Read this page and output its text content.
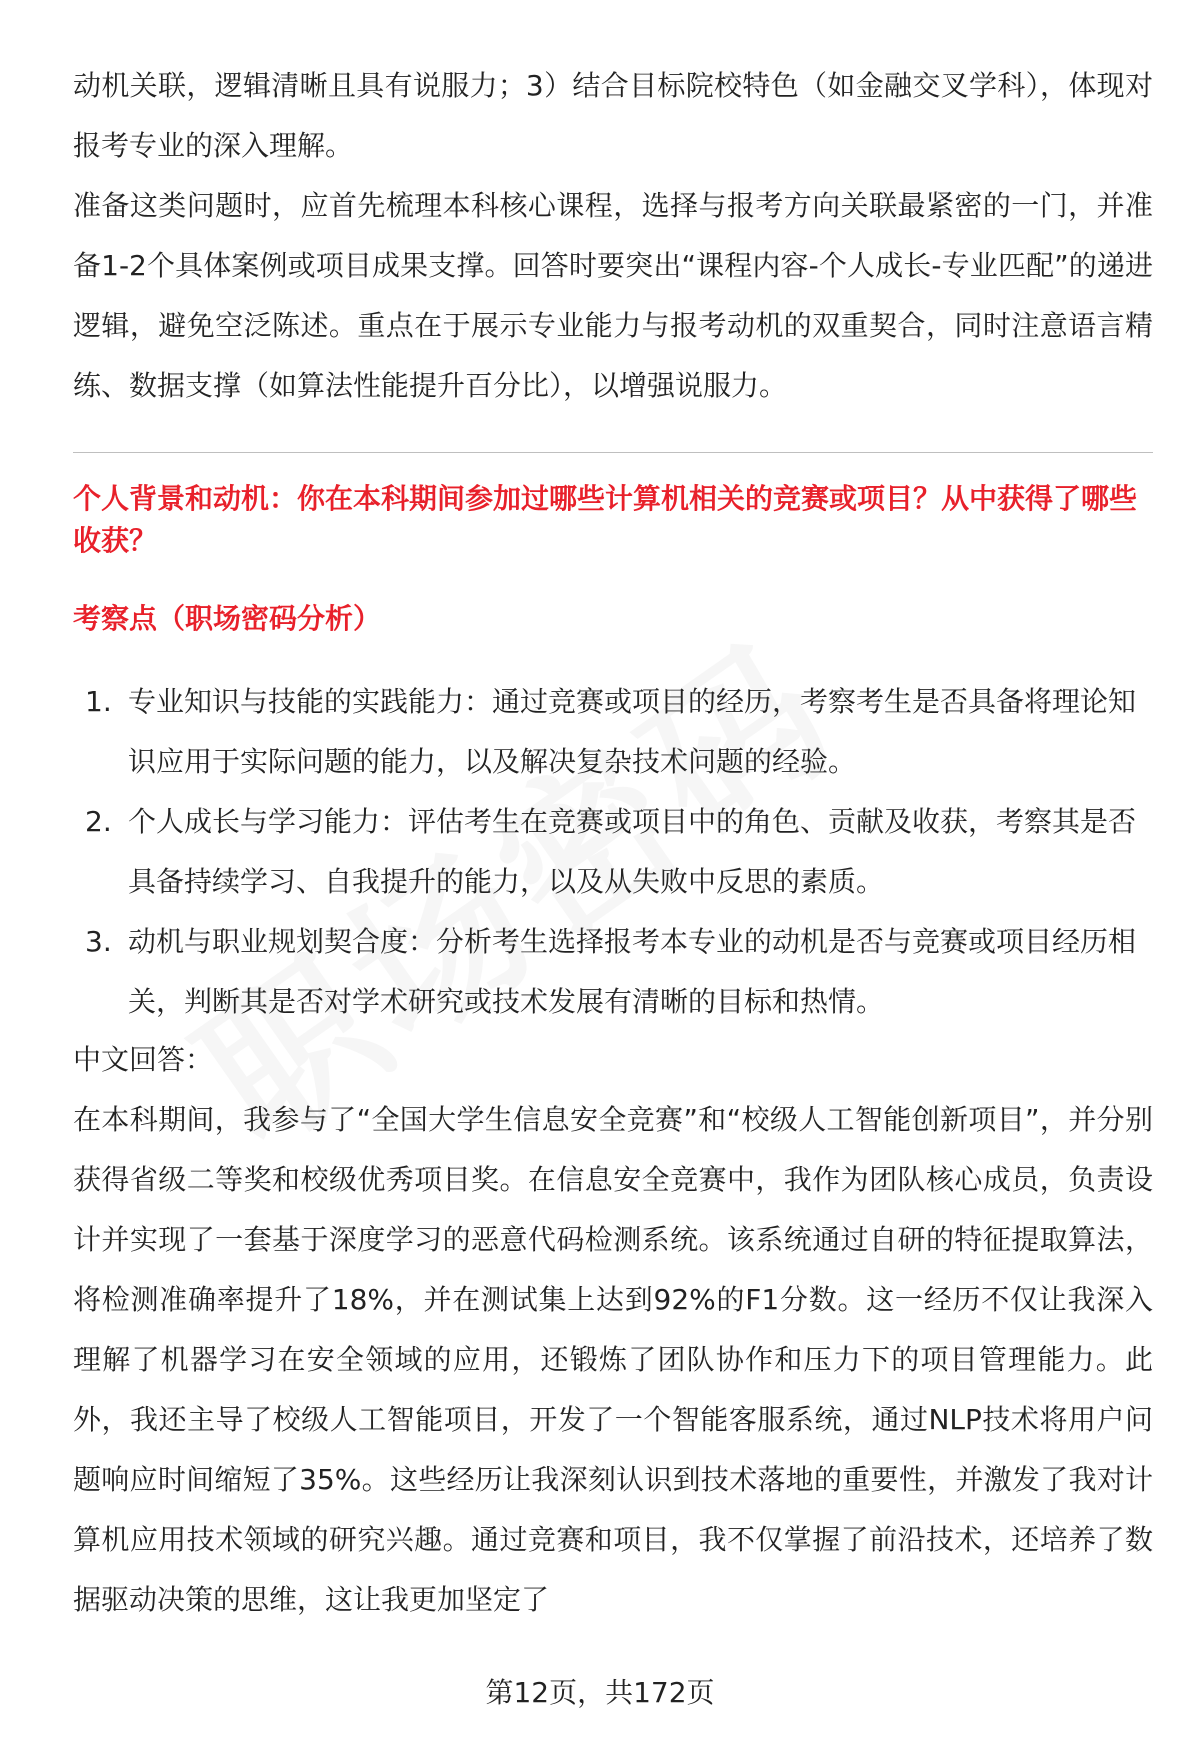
动机关联，逻辑清晰且具有说服力；3）结合目标院校特色（如金融交叉学科），体现对报考专业的深入理解。

准备这类问题时，应首先梳理本科核心课程，选择与报考方向关联最紧密的一门，并准备1-2个具体案例或项目成果支撑。回答时要突出“课程内容-个人成长-专业匹配”的递进逻辑，避免空泛陈述。重点在于展示专业能力与报考动机的双重契合，同时注意语言精练、数据支撑（如算法性能提升百分比），以增强说服力。

个人背景和动机：你在本科期间参加过哪些计算机相关的竞赛或项目？从中获得了哪些收获？

考察点（职场密码分析）

1. 专业知识与技能的实践能力：通过竞赛或项目的经历，考察考生是否具备将理论知识应用于实际问题的能力，以及解决复杂技术问题的经验。
2. 个人成长与学习能力：评估考生在竞赛或项目中的角色、贡献及收获，考察其是否具备持续学习、自我提升的能力，以及从失败中反思的素质。
3. 动机与职业规划契合度：分析考生选择报考本专业的动机是否与竞赛或项目经历相关，判断其是否对学术研究或技术发展有清晰的目标和热情。

中文回答：

在本科期间，我参与了“全国大学生信息安全竞赛”和“校级人工智能创新项目”，并分别获得省级二等奖和校级优秀项目奖。在信息安全竞赛中，我作为团队核心成员，负责设计并实现了一套基于深度学习的恶意代码检测系统。该系统通过自研的特征提取算法，将检测准确率提升了18%，并在测试集上达到92%的F1分数。这一经历不仅让我深入理解了机器学习在安全领域的应用，还锻炼了团队协作和压力下的项目管理能力。此外，我还主导了校级人工智能项目，开发了一个智能客服系统，通过NLP技术将用户问题响应时间缩短了35%。这些经历让我深刻认识到技术落地的重要性，并激发了我对计算机应用技术领域的研究兴趣。通过竞赛和项目，我不仅掌握了前沿技术，还培养了数据驱动决策的思维，这让我更加坚定了

第12页，共172页
